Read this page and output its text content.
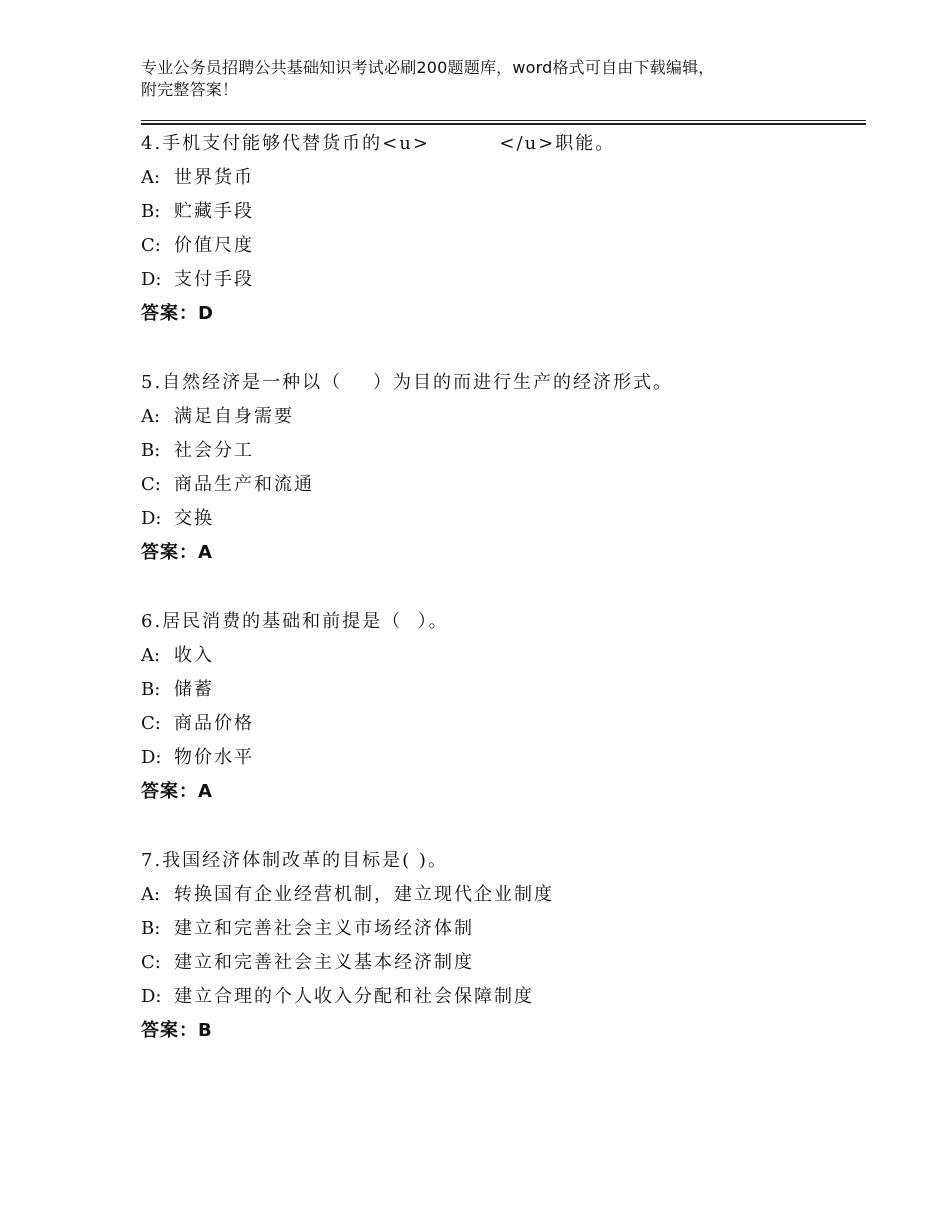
专业公务员招聘公共基础知识考试必刷200题题库，word格式可自由下载编辑，
附完整答案！
4.手机支付能够代替货币的<u>         </u>职能。
A: 世界货币
B: 贮藏手段
C: 价值尺度
D: 支付手段
答案：D
5.自然经济是一种以（    ）为目的而进行生产的经济形式。
A: 满足自身需要
B: 社会分工
C: 商品生产和流通
D: 交换
答案：A
6.居民消费的基础和前提是（  ）。
A: 收入
B: 储蓄
C: 商品价格
D: 物价水平
答案：A
7.我国经济体制改革的目标是( )。
A: 转换国有企业经营机制，建立现代企业制度
B: 建立和完善社会主义市场经济体制
C: 建立和完善社会主义基本经济制度
D: 建立合理的个人收入分配和社会保障制度
答案：B
